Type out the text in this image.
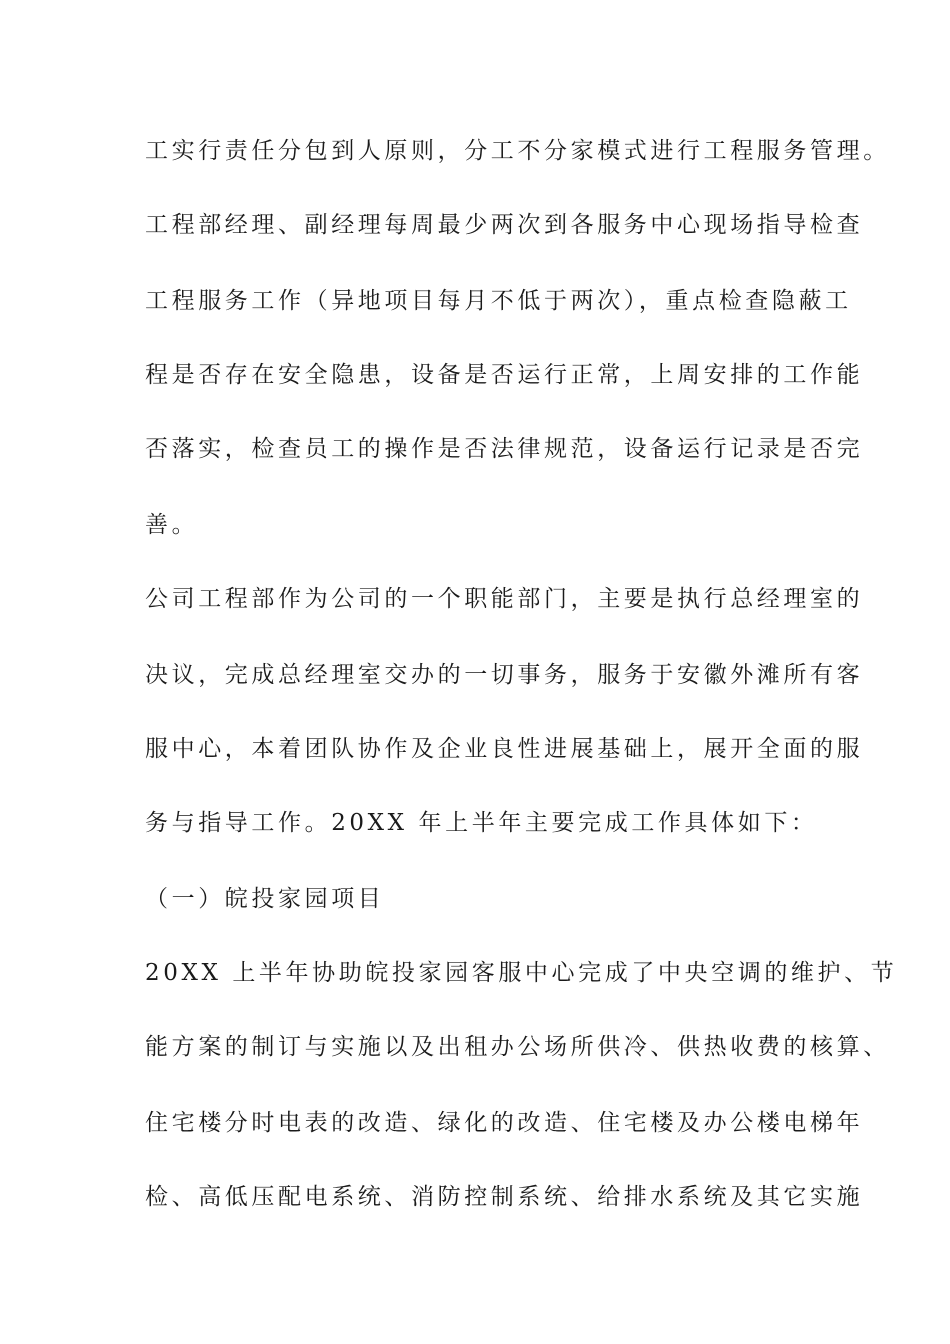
工实行责任分包到人原则，分工不分家模式进行工程服务管理。
工程部经理、副经理每周最少两次到各服务中心现场指导检查
工程服务工作（异地项目每月不低于两次），重点检查隐蔽工
程是否存在安全隐患，设备是否运行正常，上周安排的工作能
否落实，检查员工的操作是否法律规范，设备运行记录是否完
善。
公司工程部作为公司的一个职能部门，主要是执行总经理室的
决议，完成总经理室交办的一切事务，服务于安徽外滩所有客
服中心，本着团队协作及企业良性进展基础上，展开全面的服
务与指导工作。20XX 年上半年主要完成工作具体如下：
（一）皖投家园项目
20XX 上半年协助皖投家园客服中心完成了中央空调的维护、节
能方案的制订与实施以及出租办公场所供冷、供热收费的核算、
住宅楼分时电表的改造、绿化的改造、住宅楼及办公楼电梯年
检、高低压配电系统、消防控制系统、给排水系统及其它实施
